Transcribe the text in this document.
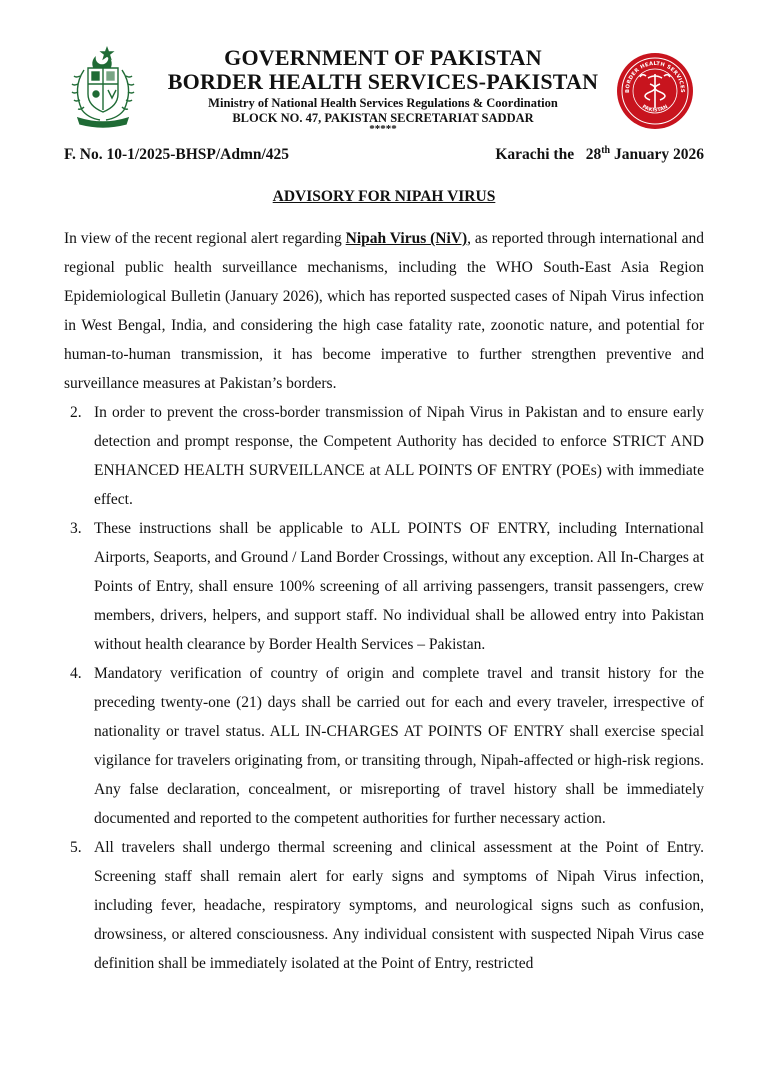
GOVERNMENT OF PAKISTAN
BORDER HEALTH SERVICES-PAKISTAN
Ministry of National Health Services Regulations & Coordination
BLOCK NO. 47, PAKISTAN SECRETARIAT SADDAR
*****
BORDER HEALTH SERVICES
PAKISTAN
F. No. 10-1/2025-BHSP/Admn/425	Karachi the 28th January 2026
ADVISORY FOR NIPAH VIRUS

In view of the recent regional alert regarding Nipah Virus (NiV), as reported through international and regional public health surveillance mechanisms, including the WHO South-East Asia Region Epidemiological Bulletin (January 2026), which has reported suspected cases of Nipah Virus infection in West Bengal, India, and considering the high case fatality rate, zoonotic nature, and potential for human-to-human transmission, it has become imperative to further strengthen preventive and surveillance measures at Pakistan’s borders.

2. In order to prevent the cross-border transmission of Nipah Virus in Pakistan and to ensure early detection and prompt response, the Competent Authority has decided to enforce STRICT AND ENHANCED HEALTH SURVEILLANCE at ALL POINTS OF ENTRY (POEs) with immediate effect.

3. These instructions shall be applicable to ALL POINTS OF ENTRY, including International Airports, Seaports, and Ground / Land Border Crossings, without any exception. All In-Charges at Points of Entry, shall ensure 100% screening of all arriving passengers, transit passengers, crew members, drivers, helpers, and support staff. No individual shall be allowed entry into Pakistan without health clearance by Border Health Services – Pakistan.

4. Mandatory verification of country of origin and complete travel and transit history for the preceding twenty-one (21) days shall be carried out for each and every traveler, irrespective of nationality or travel status. ALL IN-CHARGES AT POINTS OF ENTRY shall exercise special vigilance for travelers originating from, or transiting through, Nipah-affected or high-risk regions. Any false declaration, concealment, or misreporting of travel history shall be immediately documented and reported to the competent authorities for further necessary action.

5. All travelers shall undergo thermal screening and clinical assessment at the Point of Entry. Screening staff shall remain alert for early signs and symptoms of Nipah Virus infection, including fever, headache, respiratory symptoms, and neurological signs such as confusion, drowsiness, or altered consciousness. Any individual consistent with suspected Nipah Virus case definition shall be immediately isolated at the Point of Entry, restricted
